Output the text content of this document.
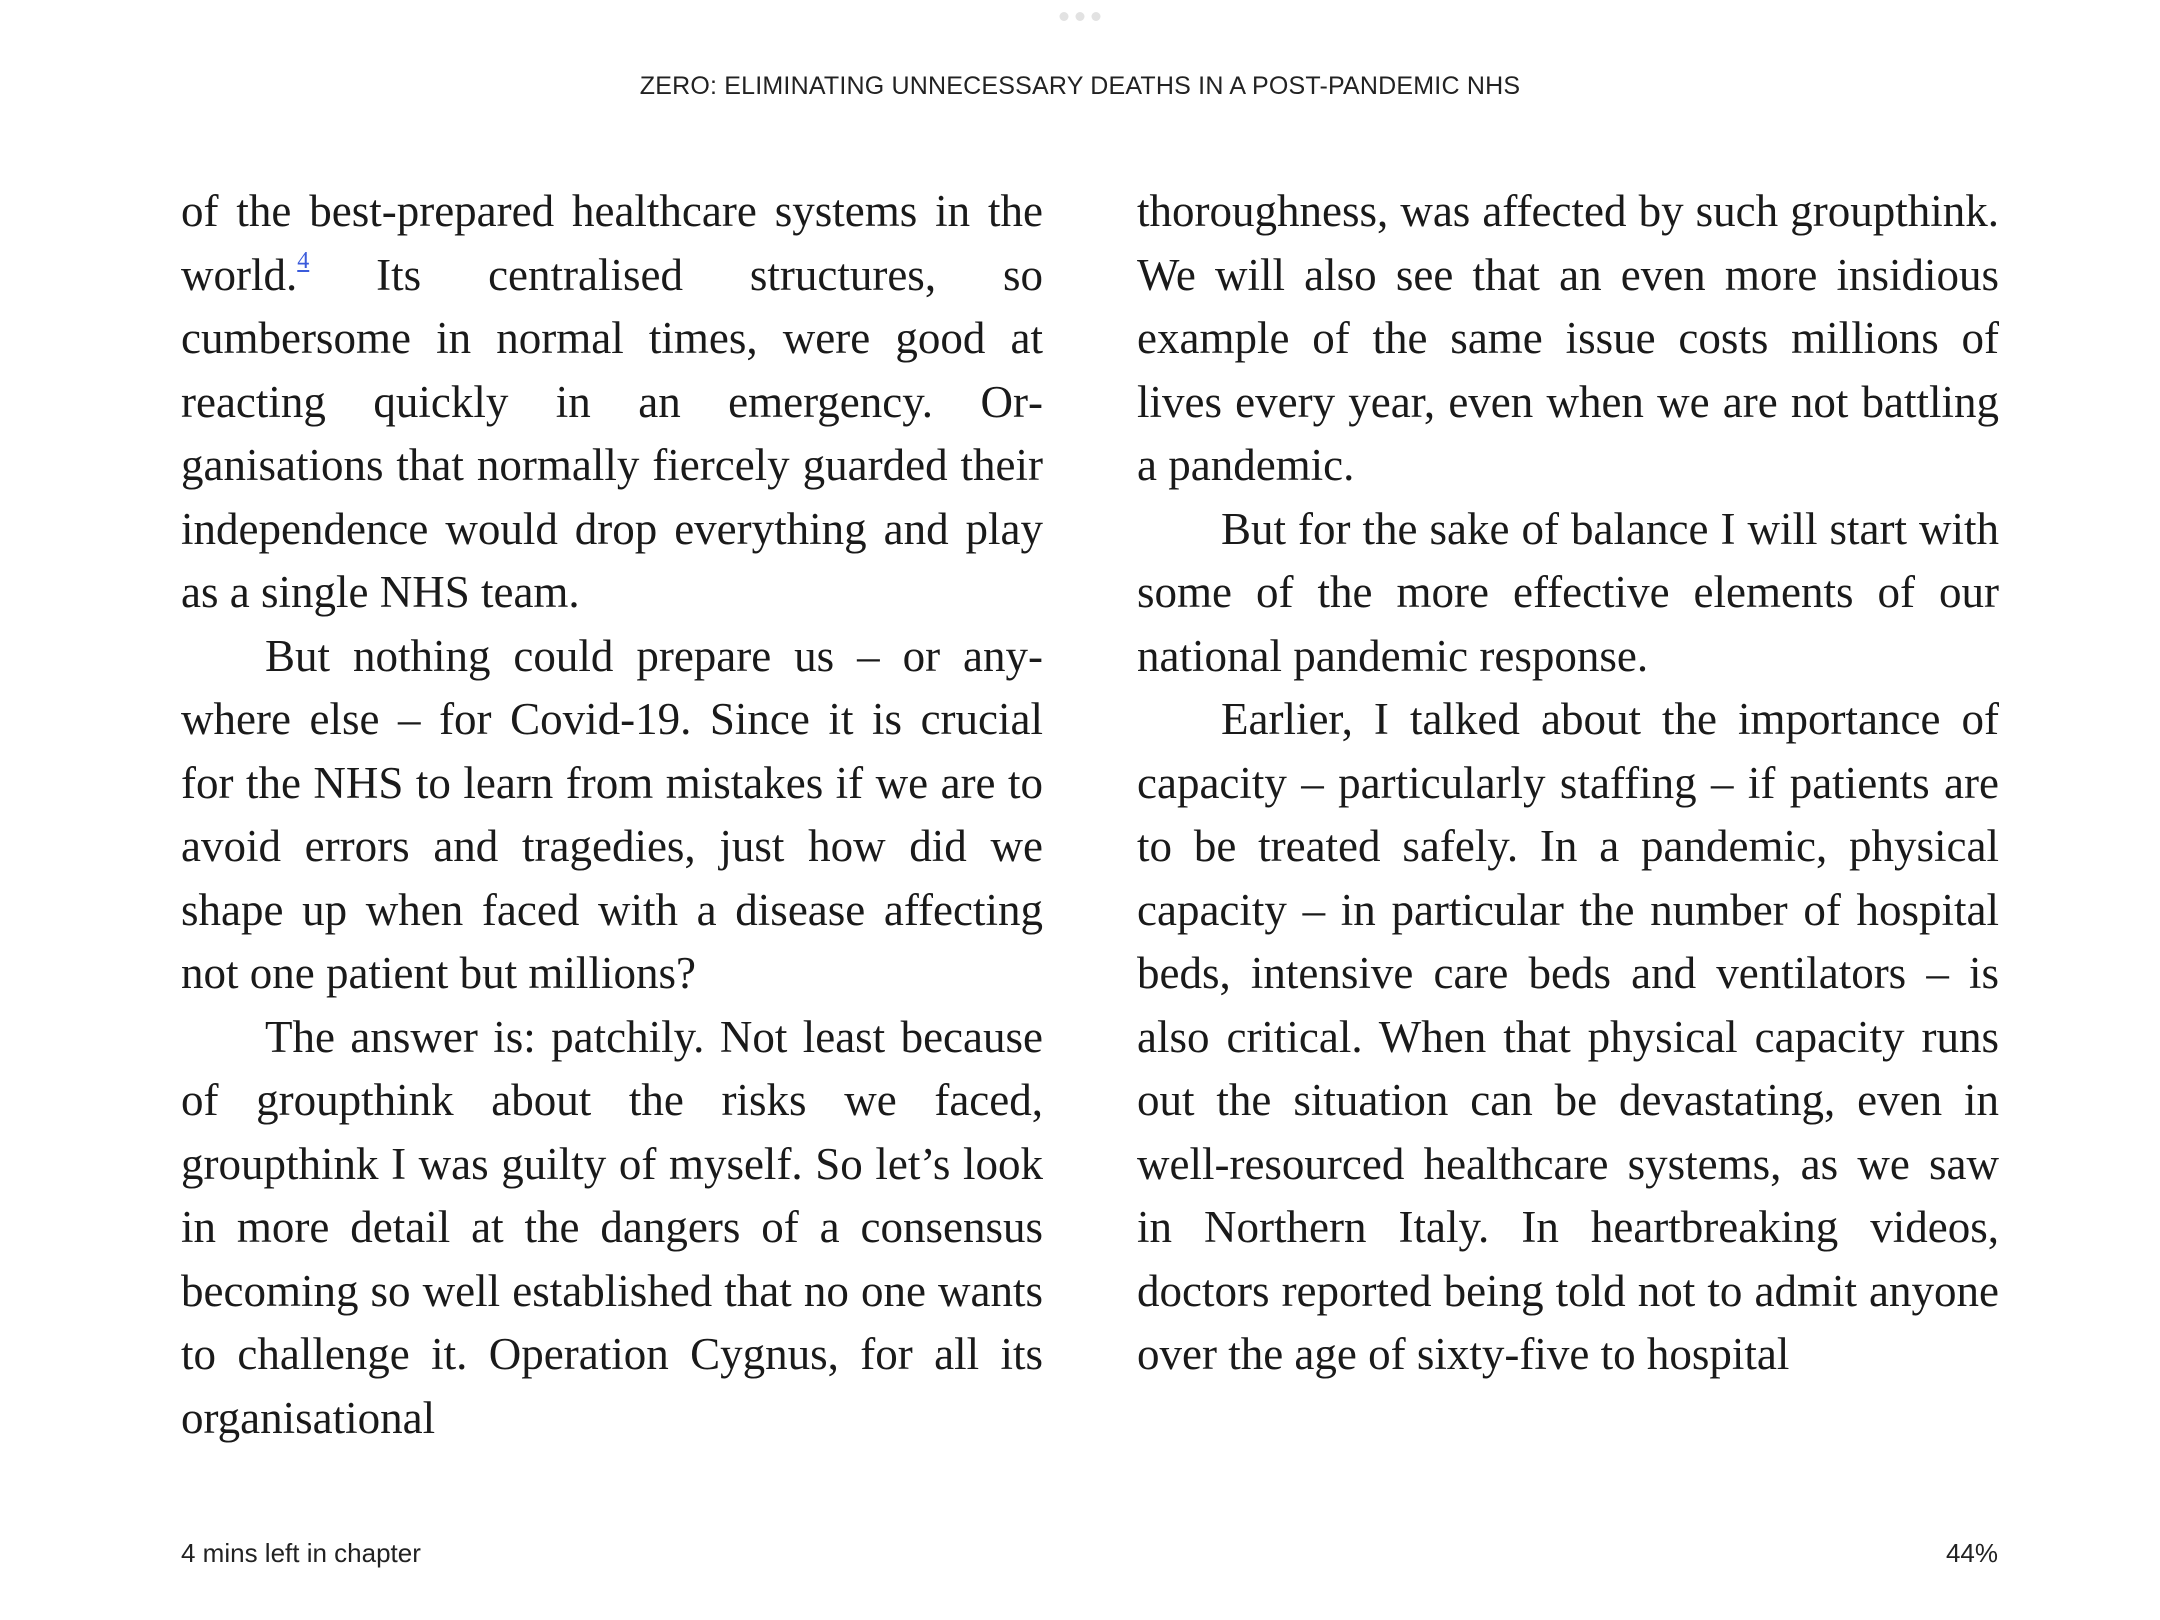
ZERO: ELIMINATING UNNECESSARY DEATHS IN A POST-PANDEMIC NHS

of the best-prepared healthcare systems in the world.$^4$ Its centralised structures, so cumbersome in normal times, were good at reacting quickly in an emergency. Organisations that normally fiercely guarded their independence would drop everything and play as a single NHS team.

But nothing could prepare us – or anywhere else – for Covid-19. Since it is crucial for the NHS to learn from mistakes if we are to avoid errors and tragedies, just how did we shape up when faced with a disease affecting not one patient but millions?

The answer is: patchily. Not least because of groupthink about the risks we faced, groupthink I was guilty of myself. So let’s look in more detail at the dangers of a consensus becoming so well established that no one wants to challenge it. Operation Cygnus, for all its organisational

thoroughness, was affected by such groupthink. We will also see that an even more insidious example of the same issue costs millions of lives every year, even when we are not battling a pandemic.

But for the sake of balance I will start with some of the more effective elements of our national pandemic response.

Earlier, I talked about the importance of capacity – particularly staffing – if patients are to be treated safely. In a pandemic, physical capacity – in particular the number of hospital beds, intensive care beds and ventilators – is also critical. When that physical capacity runs out the situation can be devastating, even in well-resourced healthcare systems, as we saw in Northern Italy. In heartbreaking videos, doctors reported being told not to admit anyone over the age of sixty-five to hospital

4 mins left in chapter	44%
